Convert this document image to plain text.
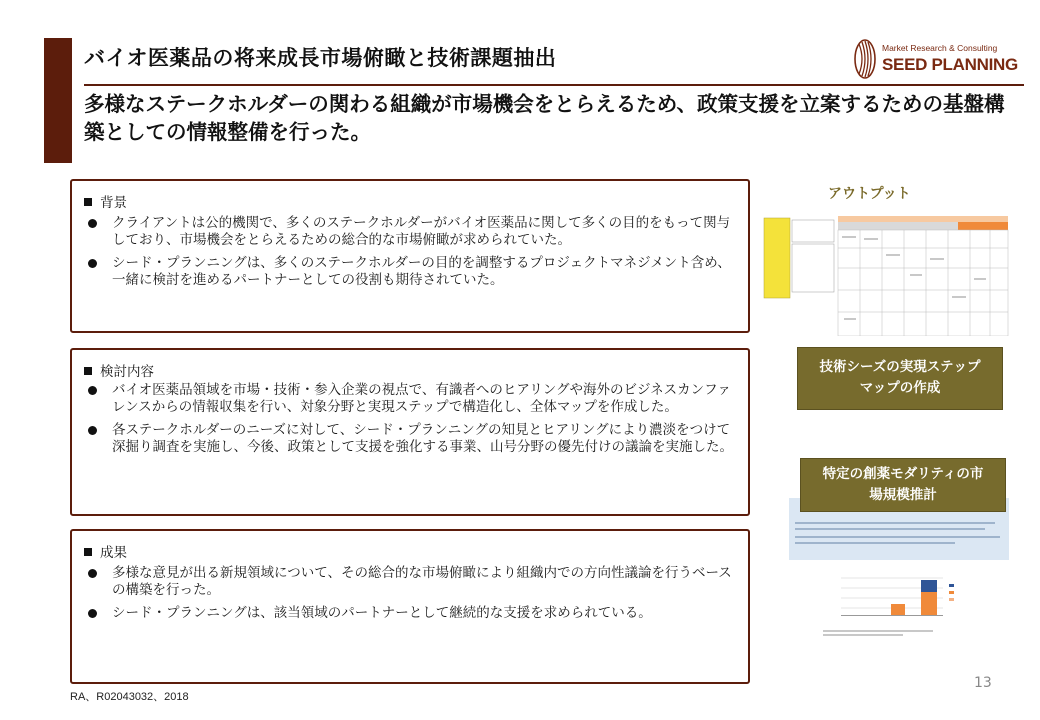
バイオ医薬品の将来成長市場俯瞰と技術課題抽出
多様なステークホルダーの関わる組織が市場機会をとらえるため、政策支援を立案するための基盤構築としての情報整備を行った。
Market Research & Consulting
SEED PLANNING
背景
クライアントは公的機関で、多くのステークホルダーがバイオ医薬品に関して多くの目的をもって関与しており、市場機会をとらえるための総合的な市場俯瞰が求められていた。
シード・プランニングは、多くのステークホルダーの目的を調整するプロジェクトマネジメント含め、一緒に検討を進めるパートナーとしての役割も期待されていた。
検討内容
バイオ医薬品領域を市場・技術・参入企業の視点で、有識者へのヒアリングや海外のビジネスカンファレンスからの情報収集を行い、対象分野と実現ステップで構造化し、全体マップを作成した。
各ステークホルダーのニーズに対して、シード・プランニングの知見とヒアリングにより濃淡をつけて深掘り調査を実施し、今後、政策として支援を強化する事業、山号分野の優先付けの議論を実施した。
成果
多様な意見が出る新規領域について、その総合的な市場俯瞰により組織内での方向性議論を行うベースの構築を行った。
シード・プランニングは、該当領域のパートナーとして継続的な支援を求められている。
アウトプット
技術シーズの実現ステップマップの作成
特定の創薬モダリティの市場規模推計
RA、R02043032、2018
13
